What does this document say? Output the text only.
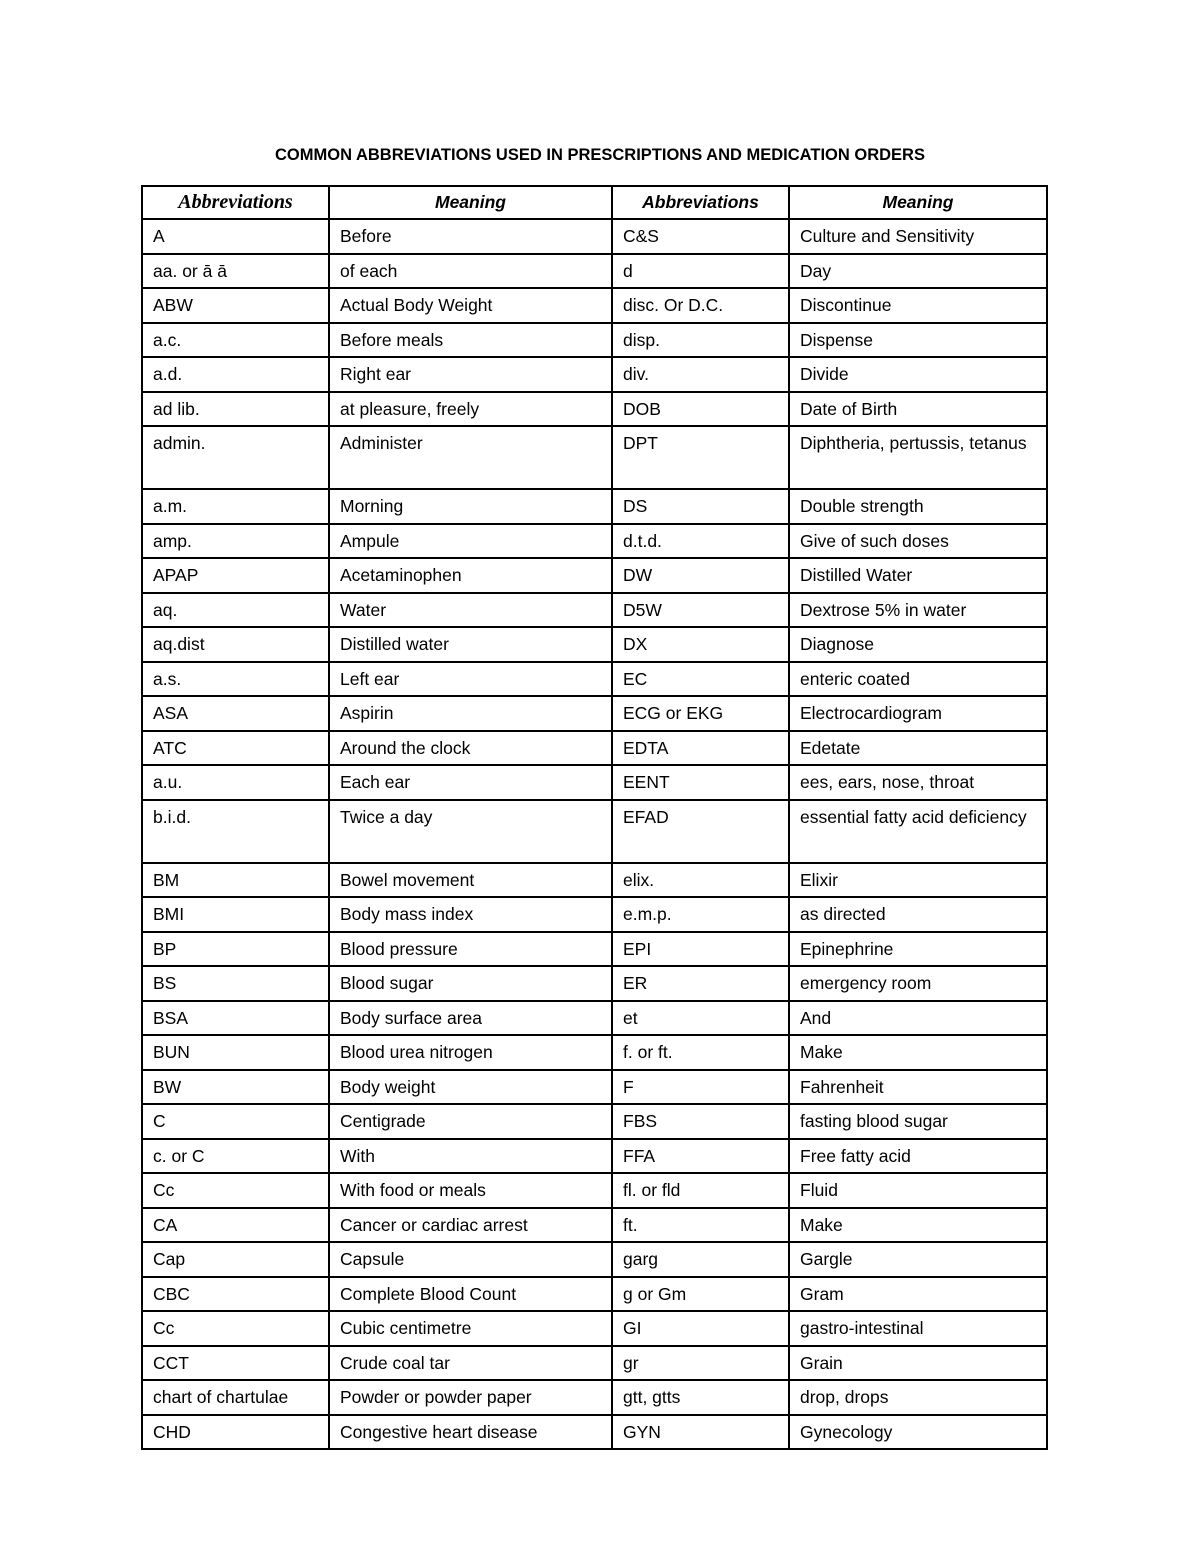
COMMON ABBREVIATIONS USED IN PRESCRIPTIONS AND MEDICATION ORDERS
Abbreviations	Meaning	Abbreviations	Meaning
A	Before	C&S	Culture and Sensitivity
aa. or ā ā	of each	d	Day
ABW	Actual Body Weight	disc. Or D.C.	Discontinue
a.c.	Before meals	disp.	Dispense
a.d.	Right ear	div.	Divide
ad lib.	at pleasure, freely	DOB	Date of Birth
admin.	Administer	DPT	Diphtheria, pertussis, tetanus
a.m.	Morning	DS	Double strength
amp.	Ampule	d.t.d.	Give of such doses
APAP	Acetaminophen	DW	Distilled Water
aq.	Water	D5W	Dextrose 5% in water
aq.dist	Distilled water	DX	Diagnose
a.s.	Left ear	EC	enteric coated
ASA	Aspirin	ECG or EKG	Electrocardiogram
ATC	Around the clock	EDTA	Edetate
a.u.	Each ear	EENT	ees, ears, nose, throat
b.i.d.	Twice a day	EFAD	essential fatty acid deficiency
BM	Bowel movement	elix.	Elixir
BMI	Body mass index	e.m.p.	as directed
BP	Blood pressure	EPI	Epinephrine
BS	Blood sugar	ER	emergency room
BSA	Body surface area	et	And
BUN	Blood urea nitrogen	f. or ft.	Make
BW	Body weight	F	Fahrenheit
C	Centigrade	FBS	fasting blood sugar
c. or C	With	FFA	Free fatty acid
Cc	With food or meals	fl. or fld	Fluid
CA	Cancer or cardiac arrest	ft.	Make
Cap	Capsule	garg	Gargle
CBC	Complete Blood Count	g or Gm	Gram
Cc	Cubic centimetre	GI	gastro-intestinal
CCT	Crude coal tar	gr	Grain
chart of chartulae	Powder or powder paper	gtt, gtts	drop, drops
CHD	Congestive heart disease	GYN	Gynecology
